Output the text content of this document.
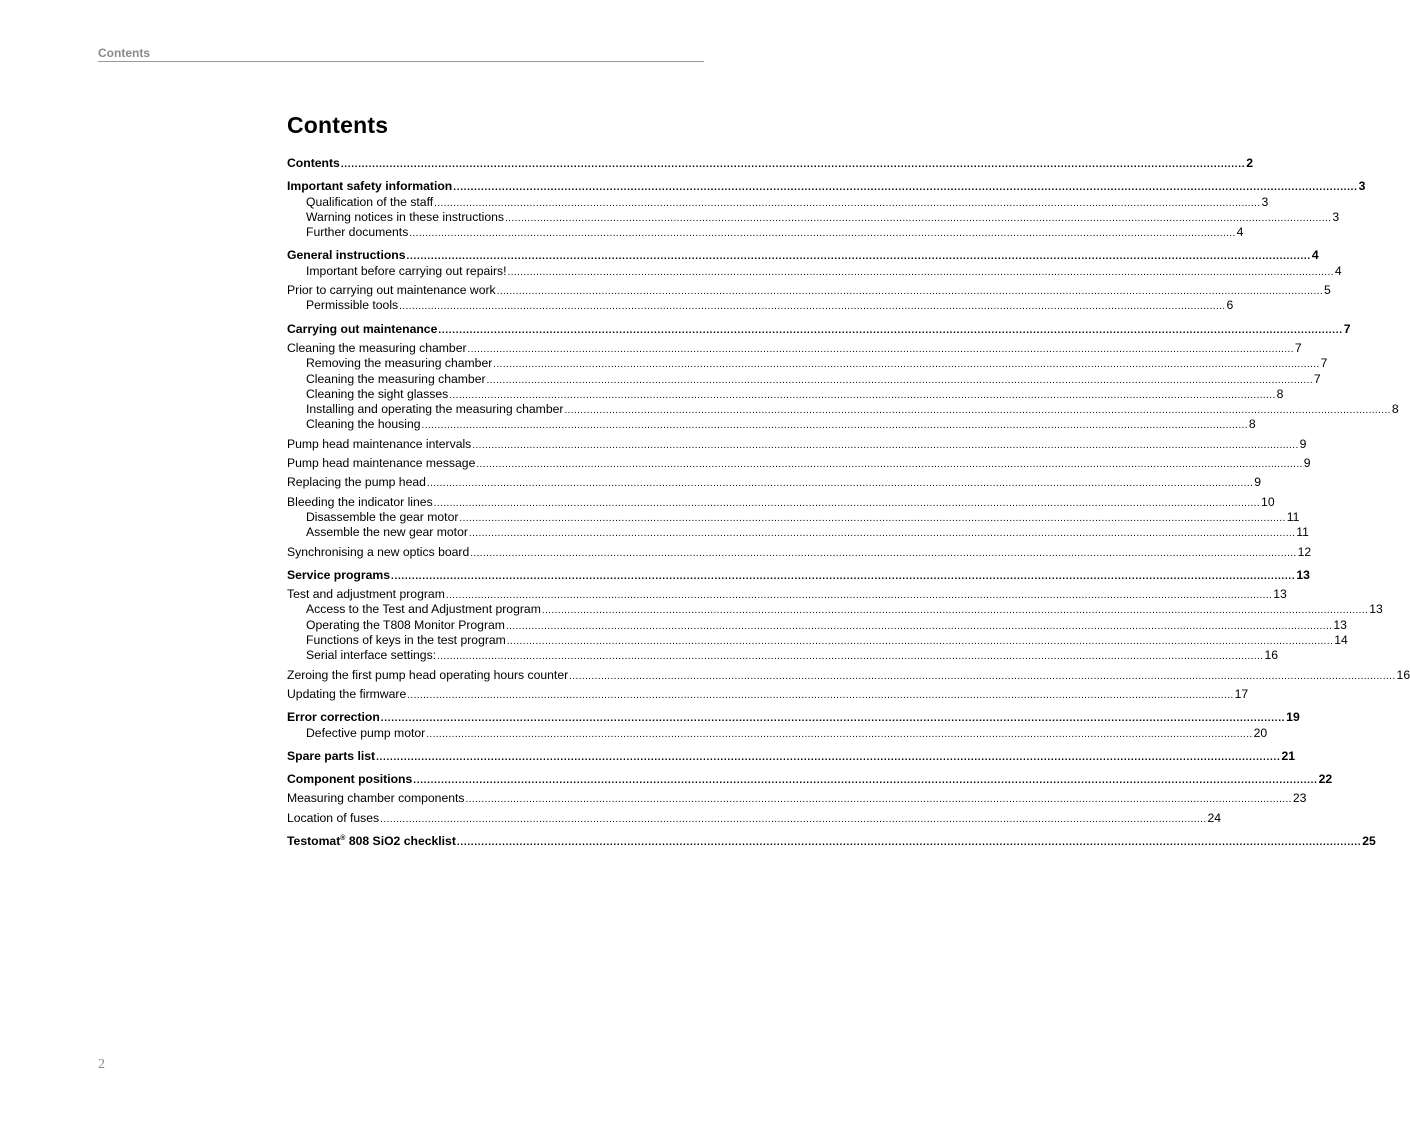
Contents
Contents
Contents .................................................................................................................................................................................................................................................................... 2
Important safety information .................................................................................................................................................................................................................................................................... 3
Qualification of the staff .................................................................................................................................................................................................................................................................... 3
Warning notices in these instructions .................................................................................................................................................................................................................................................................... 3
Further documents .................................................................................................................................................................................................................................................................... 4
General instructions .................................................................................................................................................................................................................................................................... 4
Important before carrying out repairs! .................................................................................................................................................................................................................................................................... 4
Prior to carrying out maintenance work .................................................................................................................................................................................................................................................................... 5
Permissible tools .................................................................................................................................................................................................................................................................... 6
Carrying out maintenance .................................................................................................................................................................................................................................................................... 7
Cleaning the measuring chamber .................................................................................................................................................................................................................................................................... 7
Removing the measuring chamber .................................................................................................................................................................................................................................................................... 7
Cleaning the measuring chamber .................................................................................................................................................................................................................................................................... 7
Cleaning the sight glasses .................................................................................................................................................................................................................................................................... 8
Installing and operating the measuring chamber .................................................................................................................................................................................................................................................................... 8
Cleaning the housing .................................................................................................................................................................................................................................................................... 8
Pump head maintenance intervals .................................................................................................................................................................................................................................................................... 9
Pump head maintenance message .................................................................................................................................................................................................................................................................... 9
Replacing the pump head .................................................................................................................................................................................................................................................................... 9
Bleeding the indicator lines .................................................................................................................................................................................................................................................................... 10
Disassemble the gear motor .................................................................................................................................................................................................................................................................... 11
Assemble the new gear motor .................................................................................................................................................................................................................................................................... 11
Synchronising a new optics board .................................................................................................................................................................................................................................................................... 12
Service programs .................................................................................................................................................................................................................................................................... 13
Test and adjustment program .................................................................................................................................................................................................................................................................... 13
Access to the Test and Adjustment program .................................................................................................................................................................................................................................................................... 13
Operating the T808 Monitor Program .................................................................................................................................................................................................................................................................... 13
Functions of keys in the test program .................................................................................................................................................................................................................................................................... 14
Serial interface settings: .................................................................................................................................................................................................................................................................... 16
Zeroing the first pump head operating hours counter .................................................................................................................................................................................................................................................................... 16
Updating the firmware .................................................................................................................................................................................................................................................................... 17
Error correction .................................................................................................................................................................................................................................................................... 19
Defective pump motor .................................................................................................................................................................................................................................................................... 20
Spare parts list .................................................................................................................................................................................................................................................................... 21
Component positions .................................................................................................................................................................................................................................................................... 22
Measuring chamber components .................................................................................................................................................................................................................................................................... 23
Location of fuses .................................................................................................................................................................................................................................................................... 24
Testomat® 808 SiO2 checklist .................................................................................................................................................................................................................................................................... 25
2
